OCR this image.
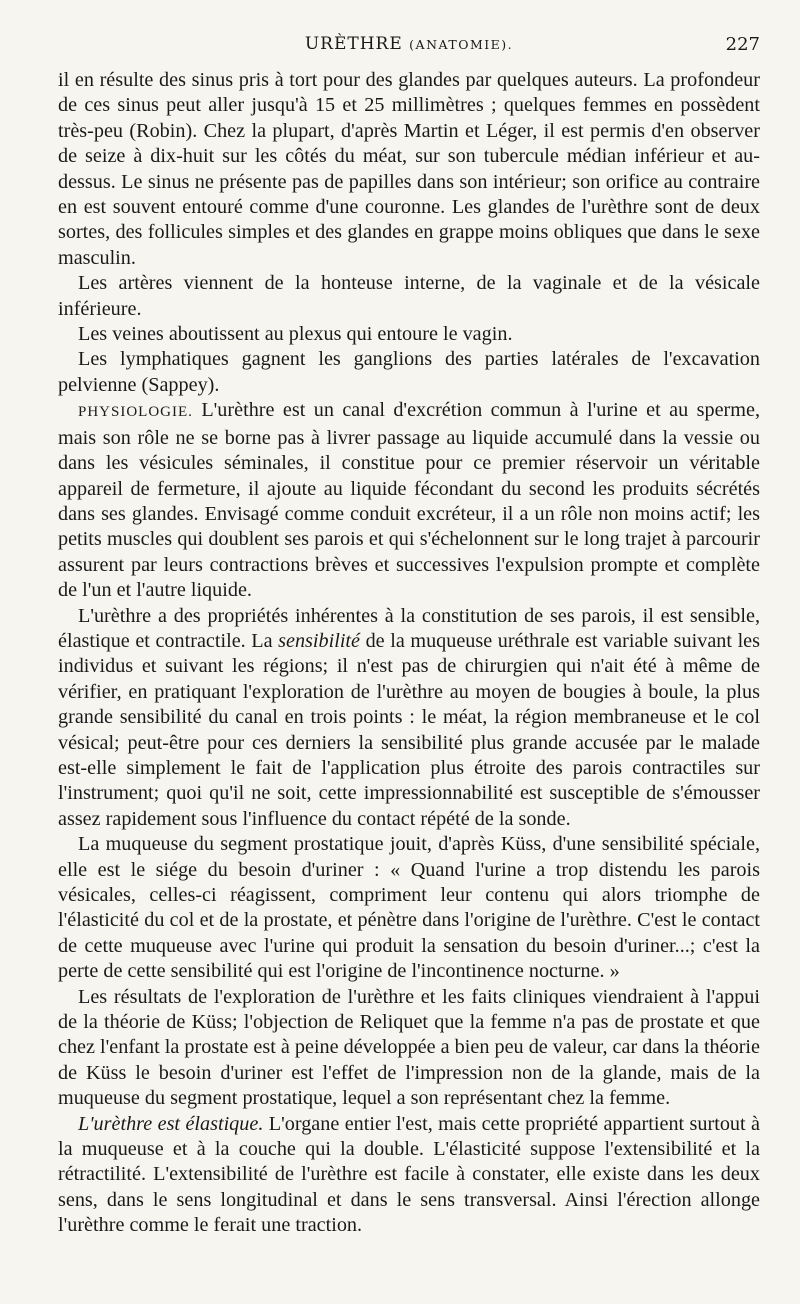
URÈTHRE (ANATOMIE).	227

il en résulte des sinus pris à tort pour des glandes par quelques auteurs. La profondeur de ces sinus peut aller jusqu'à 15 et 25 millimètres ; quelques femmes en possèdent très-peu (Robin). Chez la plupart, d'après Martin et Léger, il est permis d'en observer de seize à dix-huit sur les côtés du méat, sur son tubercule médian inférieur et au-dessus. Le sinus ne présente pas de papilles dans son intérieur; son orifice au contraire en est souvent entouré comme d'une couronne. Les glandes de l'urèthre sont de deux sortes, des follicules simples et des glandes en grappe moins obliques que dans le sexe masculin.

Les artères viennent de la honteuse interne, de la vaginale et de la vésicale inférieure.

Les veines aboutissent au plexus qui entoure le vagin.

Les lymphatiques gagnent les ganglions des parties latérales de l'excavation pelvienne (Sappey).

PHYSIOLOGIE. L'urèthre est un canal d'excrétion commun à l'urine et au sperme, mais son rôle ne se borne pas à livrer passage au liquide accumulé dans la vessie ou dans les vésicules séminales, il constitue pour ce premier réservoir un véritable appareil de fermeture, il ajoute au liquide fécondant du second les produits sécrétés dans ses glandes. Envisagé comme conduit excréteur, il a un rôle non moins actif; les petits muscles qui doublent ses parois et qui s'échelonnent sur le long trajet à parcourir assurent par leurs contractions brèves et successives l'expulsion prompte et complète de l'un et l'autre liquide.

L'urèthre a des propriétés inhérentes à la constitution de ses parois, il est sensible, élastique et contractile. La sensibilité de la muqueuse uréthrale est variable suivant les individus et suivant les régions; il n'est pas de chirurgien qui n'ait été à même de vérifier, en pratiquant l'exploration de l'urèthre au moyen de bougies à boule, la plus grande sensibilité du canal en trois points : le méat, la région membraneuse et le col vésical; peut-être pour ces derniers la sensibilité plus grande accusée par le malade est-elle simplement le fait de l'application plus étroite des parois contractiles sur l'instrument; quoi qu'il ne soit, cette impressionnabilité est susceptible de s'émousser assez rapidement sous l'influence du contact répété de la sonde.

La muqueuse du segment prostatique jouit, d'après Küss, d'une sensibilité spéciale, elle est le siége du besoin d'uriner : « Quand l'urine a trop distendu les parois vésicales, celles-ci réagissent, compriment leur contenu qui alors triomphe de l'élasticité du col et de la prostate, et pénètre dans l'origine de l'urèthre. C'est le contact de cette muqueuse avec l'urine qui produit la sensation du besoin d'uriner...; c'est la perte de cette sensibilité qui est l'origine de l'incontinence nocturne. »

Les résultats de l'exploration de l'urèthre et les faits cliniques viendraient à l'appui de la théorie de Küss; l'objection de Reliquet que la femme n'a pas de prostate et que chez l'enfant la prostate est à peine développée a bien peu de valeur, car dans la théorie de Küss le besoin d'uriner est l'effet de l'impression non de la glande, mais de la muqueuse du segment prostatique, lequel a son représentant chez la femme.

L'urèthre est élastique. L'organe entier l'est, mais cette propriété appartient surtout à la muqueuse et à la couche qui la double. L'élasticité suppose l'extensibilité et la rétractilité. L'extensibilité de l'urèthre est facile à constater, elle existe dans les deux sens, dans le sens longitudinal et dans le sens transversal. Ainsi l'érection allonge l'urèthre comme le ferait une traction.
